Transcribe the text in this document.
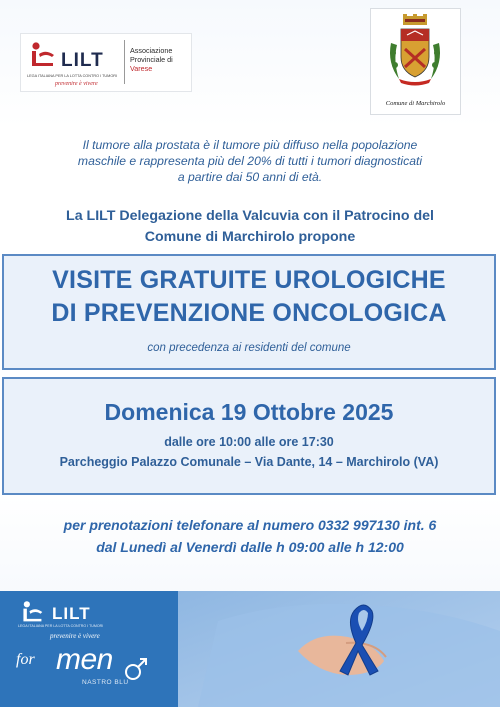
LILT
LEGA ITALIANA PER LA LOTTA CONTRO I TUMORI
prevenire è vivere
Associazione
Provinciale di
Varese
Comune di Marchirolo
Il tumore alla prostata è il tumore più diffuso nella popolazione
maschile e rappresenta più del 20% di tutti i tumori diagnosticati
a partire dai 50 anni di età.
La LILT Delegazione della Valcuvia con il Patrocino del
Comune di Marchirolo propone
VISITE GRATUITE UROLOGICHE
DI PREVENZIONE ONCOLOGICA
con precedenza ai residenti del comune
Domenica 19 Ottobre 2025
dalle ore 10:00 alle ore 17:30
Parcheggio Palazzo Comunale – Via Dante, 14 – Marchirolo (VA)
per prenotazioni telefonare al numero 0332 997130 int. 6
dal Lunedì al Venerdì dalle h 09:00 alle h 12:00
LILT
LEGA ITALIANA PER LA LOTTA CONTRO I TUMORI
prevenire è vivere
for men
NASTRO BLU
